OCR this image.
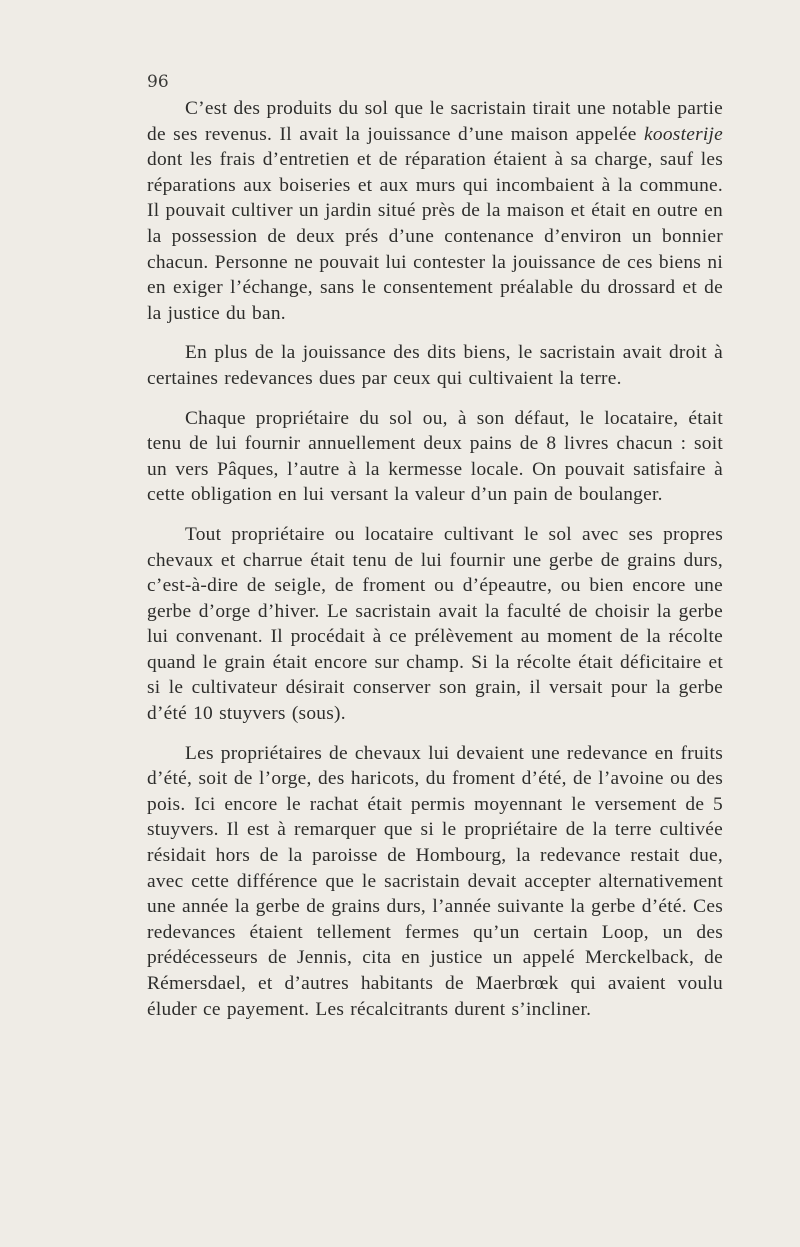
96

C’est des produits du sol que le sacristain tirait une notable partie de ses revenus. Il avait la jouissance d’une maison appelée koosterije dont les frais d’entretien et de réparation étaient à sa charge, sauf les réparations aux boiseries et aux murs qui incombaient à la commune. Il pouvait cultiver un jardin situé près de la maison et était en outre en la possession de deux prés d’une contenance d’environ un bonnier chacun. Personne ne pouvait lui contester la jouissance de ces biens ni en exiger l’échange, sans le consentement préalable du drossard et de la justice du ban.

En plus de la jouissance des dits biens, le sacristain avait droit à certaines redevances dues par ceux qui cultivaient la terre.

Chaque propriétaire du sol ou, à son défaut, le locataire, était tenu de lui fournir annuellement deux pains de 8 livres chacun : soit un vers Pâques, l’autre à la kermesse locale. On pouvait satisfaire à cette obligation en lui versant la valeur d’un pain de boulanger.

Tout propriétaire ou locataire cultivant le sol avec ses propres chevaux et charrue était tenu de lui fournir une gerbe de grains durs, c’est-à-dire de seigle, de froment ou d’épeautre, ou bien encore une gerbe d’orge d’hiver. Le sacristain avait la faculté de choisir la gerbe lui convenant. Il procédait à ce prélèvement au moment de la récolte quand le grain était encore sur champ. Si la récolte était déficitaire et si le cultivateur désirait conserver son grain, il versait pour la gerbe d’été 10 stuyvers (sous).

Les propriétaires de chevaux lui devaient une redevance en fruits d’été, soit de l’orge, des haricots, du froment d’été, de l’avoine ou des pois. Ici encore le rachat était permis moyennant le versement de 5 stuyvers. Il est à remarquer que si le propriétaire de la terre cultivée résidait hors de la paroisse de Hombourg, la redevance restait due, avec cette différence que le sacristain devait accepter alternativement une année la gerbe de grains durs, l’année suivante la gerbe d’été. Ces redevances étaient tellement fermes qu’un certain Loop, un des prédécesseurs de Jennis, cita en justice un appelé Merckelback, de Rémersdael, et d’autres habitants de Maerbrœk qui avaient voulu éluder ce payement. Les récalcitrants durent s’incliner.
